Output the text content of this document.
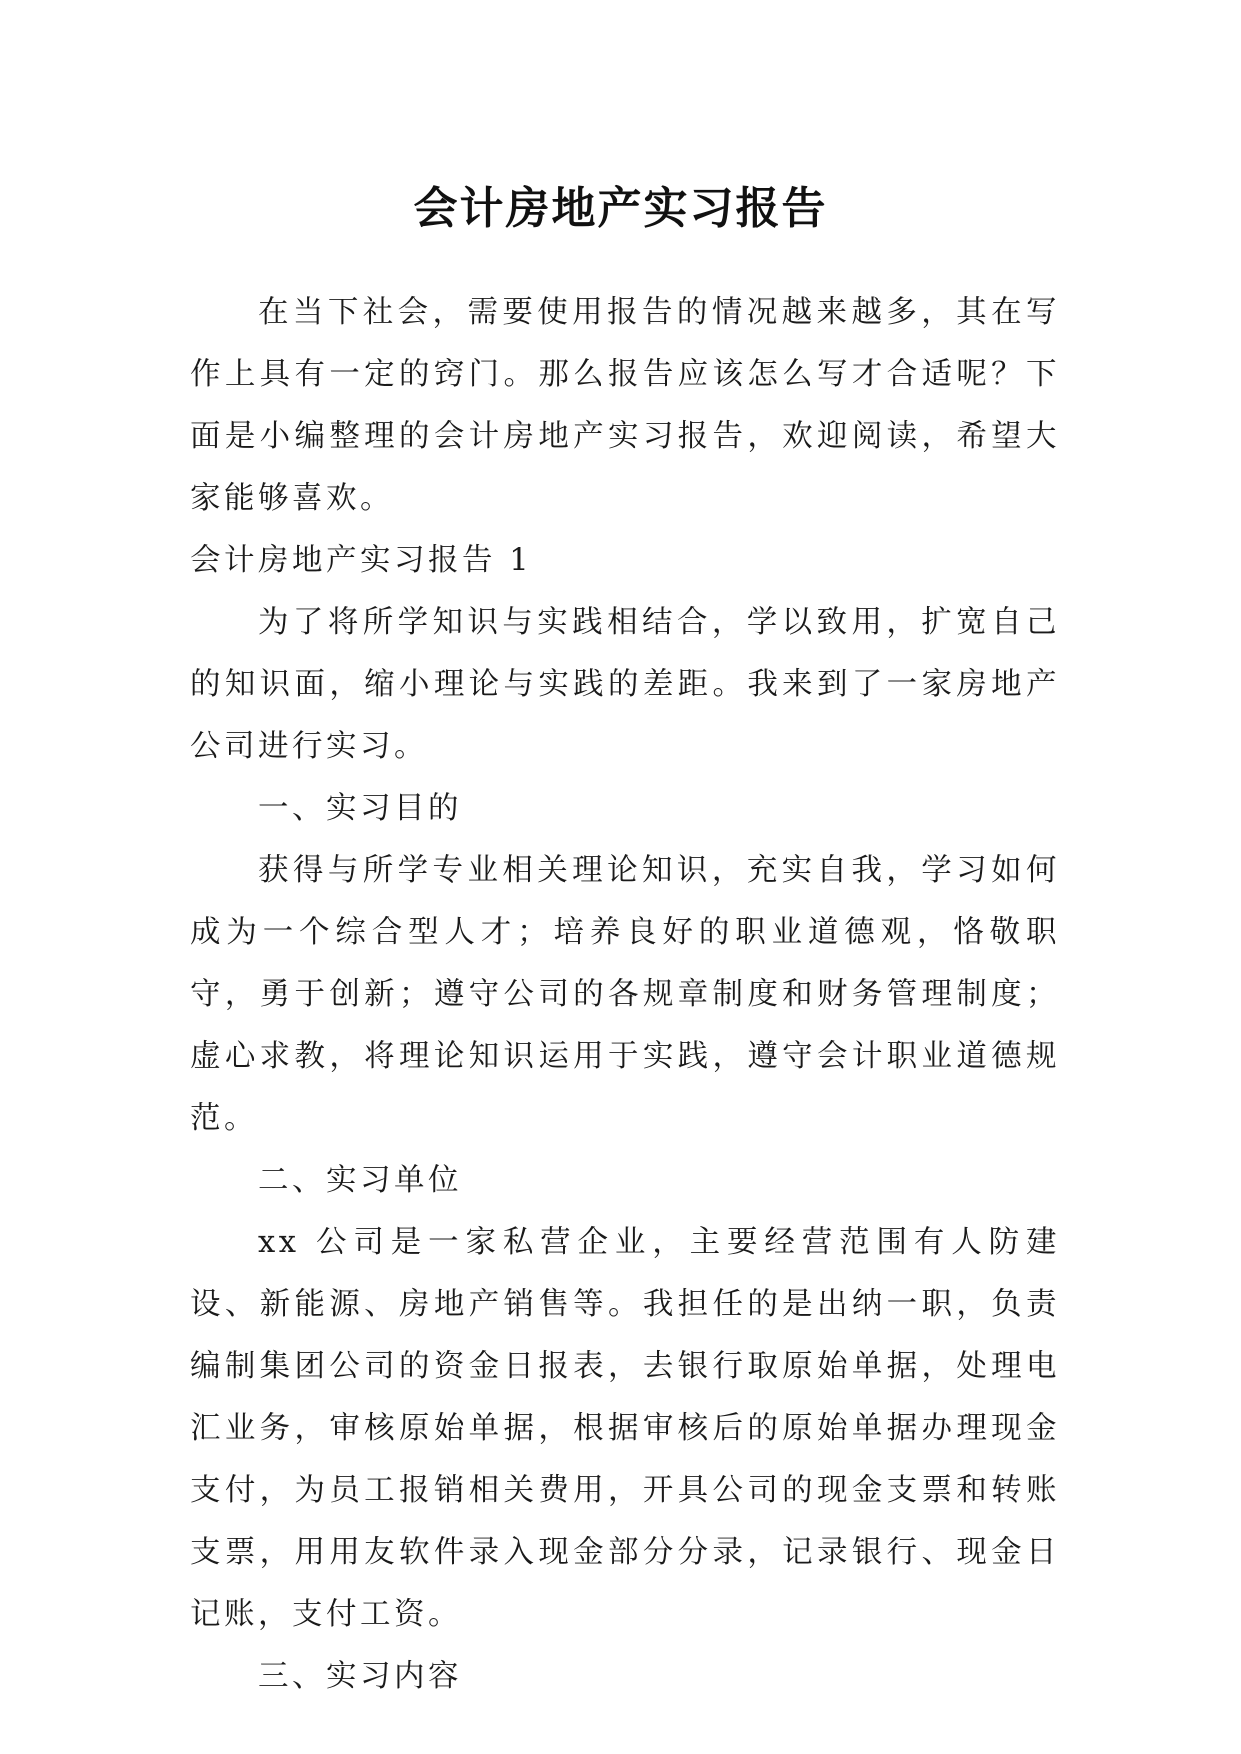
会计房地产实习报告

在当下社会，需要使用报告的情况越来越多，其在写作上具有一定的窍门。那么报告应该怎么写才合适呢？下面是小编整理的会计房地产实习报告，欢迎阅读，希望大家能够喜欢。

会计房地产实习报告 1

为了将所学知识与实践相结合，学以致用，扩宽自己的知识面，缩小理论与实践的差距。我来到了一家房地产公司进行实习。

一、实习目的

获得与所学专业相关理论知识，充实自我，学习如何成为一个综合型人才；培养良好的职业道德观，恪敬职守，勇于创新；遵守公司的各规章制度和财务管理制度；虚心求教，将理论知识运用于实践，遵守会计职业道德规范。

二、实习单位

xx 公司是一家私营企业，主要经营范围有人防建设、新能源、房地产销售等。我担任的是出纳一职，负责编制集团公司的资金日报表，去银行取原始单据，处理电汇业务，审核原始单据，根据审核后的原始单据办理现金支付，为员工报销相关费用，开具公司的现金支票和转账支票，用用友软件录入现金部分分录，记录银行、现金日记账，支付工资。

三、实习内容
